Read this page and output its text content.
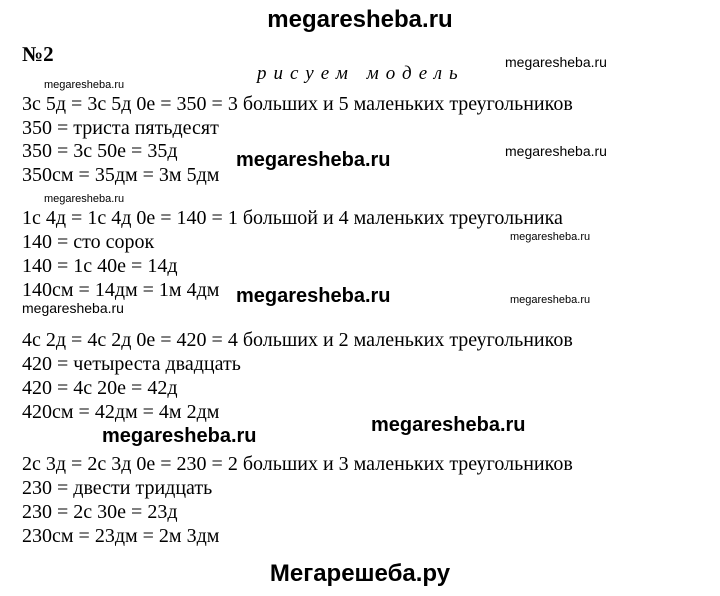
megaresheba.ru
№2
рисуем модель
3с 5д = 3с 5д 0е = 350 = 3 больших и 5 маленьких треугольников
350 = триста пятьдесят
350 = 3с 50е = 35д
350см = 35дм = 3м 5дм
1с 4д = 1с 4д 0е = 140 = 1 большой и 4 маленьких треугольника
140 = сто сорок
140 = 1с 40е = 14д
140см = 14дм = 1м 4дм
4с 2д = 4с 2д 0е = 420 = 4 больших и 2 маленьких треугольников
420 = четыреста двадцать
420 = 4с 20е = 42д
420см = 42дм = 4м 2дм
2с 3д = 2с 3д 0е = 230 = 2 больших и 3 маленьких треугольников
230 = двести тридцать
230 = 2с 30е = 23д
230см = 23дм = 2м 3дм
megaresheba.ru
megaresheba.ru
megaresheba.ru	megaresheba.ru
megaresheba.ru
megaresheba.ru
megaresheba.ru
megaresheba.ru	megaresheba.ru
megaresheba.ru	megaresheba.ru
Мегарешеба.ру
